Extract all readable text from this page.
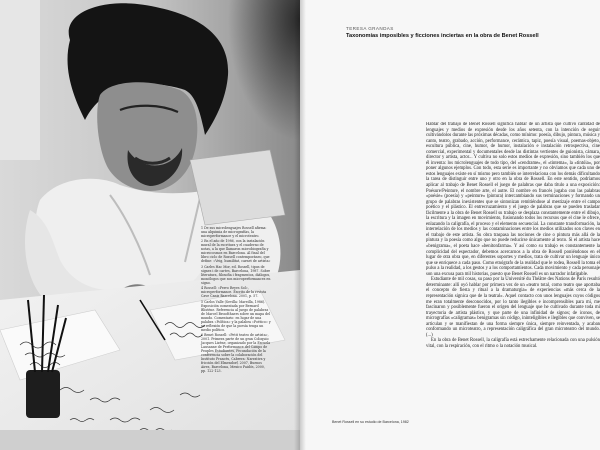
1 De sus microlenguajes Rossell afirma: una alquimia de micrografías, la microperformance y el microteatro.

2 En el año de 1986, con la instalación mural de la escritura y el cuaderno de notas, a la que llamaron microbiografía y microcosmos en Barcelona. Al final del libro ciclo de Rossell contemporáneo, que define: «Veig, humilitat, carnet de artista»

3 Carles Hac Mor, ed. Rossell, tipus de signes i de cartes, Barcelona, 1987. Sobre literatura, filosofia i fragmentos, diálogos, monólogos que son microperformances en signo.

4 Rossell: «Ferro Reyes Sol», microperformance. Escrito de la revista Cave Canis Barcelona. 2001, p. 57.

5 Carlos Valle (Sevilla: Mareilla, 1986). Exposición comentada por Bernard Blistène. Referencia al juego de palabras de Marcel Broodthaers sobre un mapa del mundo. Comentario: en lugar de una palabra «Política» y la palabra «Poético» y su reflexión de que la poesía tenga un medio político.

6 Benet Rossell: «Petit teatro de artista», 2001. Primera parte de un gran Coloquio Jacques Lizène, organizado por la Escuela Lausanne de Performance del Campo de Peuples Estudiantes, Fecundación de la conferencia sobre la colaboración del Instituto Francés, Cabrera: Narrativa y fricción del Elmendorf, 2007, Buenos Aires, Barcelona, Mexico Paidós, 2000, pp. 122-123.

Benet Rossell en su estudio de Barcelona, 1982
TERESA GRANDAS
Taxonomías imposibles y ficciones inciertas en la obra de Benet Rossell

Hablar del trabajo de Benet Rossell significa hablar de un artista que cultivó cantidad de lenguajes y medios de expresión desde los años setenta, con la intención de seguir cultivándolos durante las próximas décadas, como mínimo: poesía, dibujo, pintura, música y canto, teatro, grabado, acción, performance, cerámica, tapiz, poesía visual, poemas-objeto, escultura pública, cine, humor, de humor, instalación e instalación retrospectiva, cine comercial, experimental y documentales desde las distintas vertientes de guionista, cámara, director y artista, actor... Y cultiva no solo estos medios de expresión, sino también los que él inventa: los microlenguajes de todo tipo, del «cendrame», el «tintema», la «tintóia», por poner algunos ejemplos. Con todo, esta serie es importante y no obviamos que cada uno de estos lenguajes existe en sí mismo pero también se interrelaciona con los demás dificultando la tarea de distinguir entre uno y otro en la obra de Rossell. En este sentido, podríamos aplicar al trabajo de Benet Rossell el juego de palabras que daba título a una exposición: Poésure/Peinture, el nombre arte, el autre. El nombre en francés jugaba con las palabras «poésie» (poesía) y «peinture» (pintura) intercambiando sus terminaciones y formando un grupo de palabras inexistentes que se sintonizan remitiéndose al mestizaje entre el campo poético y el plástico. El entrecruzamiento y el juego de palabras que se pueden trasladar fácilmente a la obra de Benet Rossell su trabajo se desplaza constantemente entre el dibujo, la escritura y la imagen en movimiento, fusionando todos los recursos que el cine le ofrece, enlazando la caligrafía, el proceso y el elemento secuencial. La constante transformación, la interrelación de los medios y las contaminaciones entre los medios utilizados son claves en el trabajo de este artista. Su obra traspasa las nociones de cine o pintura más allá de la pintura y la poesía como algo que no puede reducirse únicamente al texto. Si el artista hace «benigrama», el poeta hace «benitonfarma». Y así como su trabajo es constantemente la complicidad del espectador, debemos acercarnos a la obra de Rossell poniéndonos en el lugar de otra obra que, en diferentes soportes y medios, trata de cultivar un lenguaje único que se enriquece a cada paso. Como etnógrafo de la realidad que le rodea, Rossell la toma el pulso a la realidad, a los gestos y a los comportamientos. Cada movimiento y cada personaje son una excusa para mil historias, puesto que Benet Rossell es un narrador infatigable.

Estudiante de mil cosas, su paso por la Université du Théâtre des Nations de París resultó determinante: allí oyó hablar por primera vez de un «teatro total, como teatro que aportaba el concepto de fiesta y ritual a la dramaturgia» de experiencias «más cerca de la representación signica que de la teatral». Aquel contacto con unos lenguajes cuyos códigos me eran totalmente desconocidos, por lo tanto ilegibles e incomprensibles para mí, me fascinaron y posiblemente fueron el origen del lenguaje que he cultivado durante toda mi trayectoria de artista plástico, y que parte de una infinidad de signos; de iconos, de micrografías «caligramas» benigramas sin código, ininteligibles e ilegibles que conviven, se articulan y se manifiestan de una forma siempre única, siempre reinventada, y acaban conformando un microteatro, a representación caligráfica del gran microteatro del mundo. (...)

En la obra de Benet Rossell, la caligrafía está estrechamente relacionada con una pulsión vital, con la respiración, con el ritmo o la notación musical.
